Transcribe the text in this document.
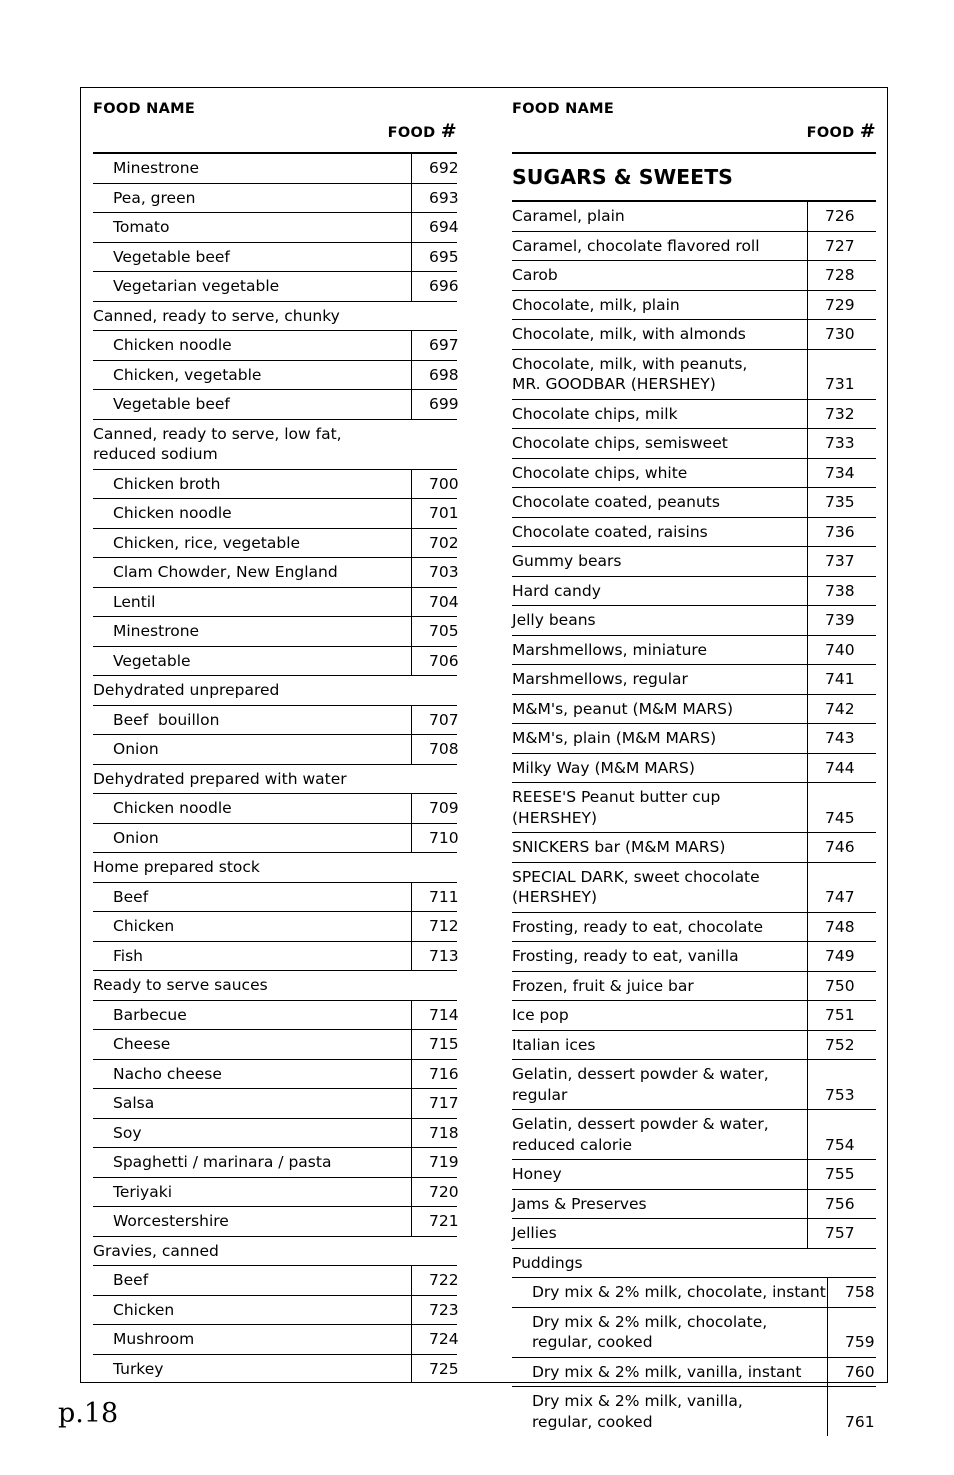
FOOD NAME
FOOD #
Minestrone	692
Pea, green	693
Tomato	694
Vegetable beef	695
Vegetarian vegetable	696
Canned, ready to serve, chunky
Chicken noodle	697
Chicken, vegetable	698
Vegetable beef	699
Canned, ready to serve, low fat,
reduced sodium
Chicken broth	700
Chicken noodle	701
Chicken, rice, vegetable	702
Clam Chowder, New England	703
Lentil	704
Minestrone	705
Vegetable	706
Dehydrated unprepared
Beef  bouillon	707
Onion	708
Dehydrated prepared with water
Chicken noodle	709
Onion	710
Home prepared stock
Beef	711
Chicken	712
Fish	713
Ready to serve sauces
Barbecue	714
Cheese	715
Nacho cheese	716
Salsa	717
Soy	718
Spaghetti / marinara / pasta	719
Teriyaki	720
Worcestershire	721
Gravies, canned
Beef	722
Chicken	723
Mushroom	724
Turkey	725
FOOD NAME
FOOD #
SUGARS & SWEETS
Caramel, plain	726
Caramel, chocolate flavored roll	727
Carob	728
Chocolate, milk, plain	729
Chocolate, milk, with almonds	730
Chocolate, milk, with peanuts,
MR. GOODBAR (HERSHEY)	731
Chocolate chips, milk	732
Chocolate chips, semisweet	733
Chocolate chips, white	734
Chocolate coated, peanuts	735
Chocolate coated, raisins	736
Gummy bears	737
Hard candy	738
Jelly beans	739
Marshmellows, miniature	740
Marshmellows, regular	741
M&M's, peanut (M&M MARS)	742
M&M's, plain (M&M MARS)	743
Milky Way (M&M MARS)	744
REESE'S Peanut butter cup (HERSHEY)	745
SNICKERS bar (M&M MARS)	746
SPECIAL DARK, sweet chocolate
(HERSHEY)	747
Frosting, ready to eat, chocolate	748
Frosting, ready to eat, vanilla	749
Frozen, fruit & juice bar	750
Ice pop	751
Italian ices	752
Gelatin, dessert powder & water, regular	753
Gelatin, dessert powder & water,
reduced calorie	754
Honey	755
Jams & Preserves	756
Jellies	757
Puddings
Dry mix & 2% milk, chocolate, instant	758
Dry mix & 2% milk, chocolate,
regular, cooked	759
Dry mix & 2% milk, vanilla, instant	760
Dry mix & 2% milk, vanilla,
regular, cooked	761
p.18
